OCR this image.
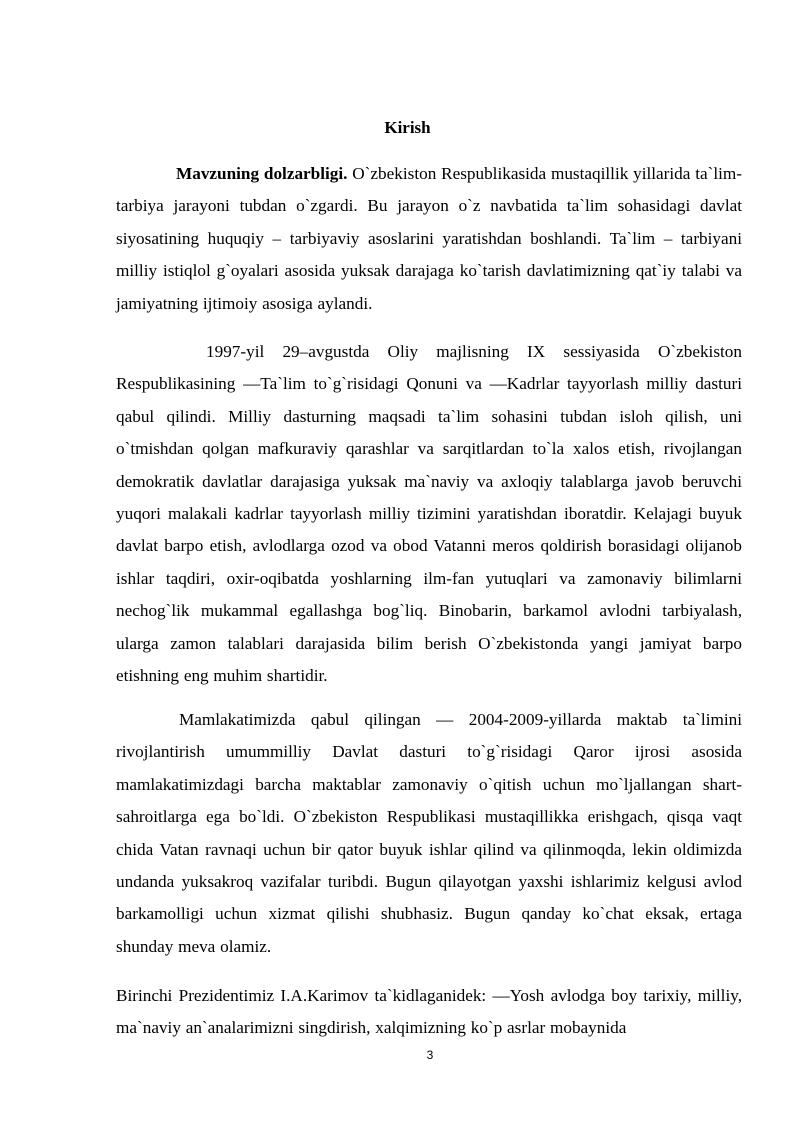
Kirish

Mavzuning dolzarbligi. O`zbekiston Respublikasida mustaqillik yillarida ta`lim-tarbiya jarayoni tubdan o`zgardi. Bu jarayon o`z navbatida ta`lim sohasidagi davlat siyosatining huquqiy – tarbiyaviy asoslarini yaratishdan boshlandi. Ta`lim – tarbiyani milliy istiqlol g`oyalari asosida yuksak darajaga ko`tarish davlatimizning qat`iy talabi va jamiyatning ijtimoiy asosiga aylandi.

1997-yil 29–avgustda Oliy majlisning IX sessiyasida O`zbekiston Respublikasining —Ta`lim to`g`risidagi Qonuni va —Kadrlar tayyorlash milliy dasturi qabul qilindi. Milliy dasturning maqsadi ta`lim sohasini tubdan isloh qilish, uni o`tmishdan qolgan mafkuraviy qarashlar va sarqitlardan to`la xalos etish, rivojlangan demokratik davlatlar darajasiga yuksak ma`naviy va axloqiy talablarga javob beruvchi yuqori malakali kadrlar tayyorlash milliy tizimini yaratishdan iboratdir. Kelajagi buyuk davlat barpo etish, avlodlarga ozod va obod Vatanni meros qoldirish borasidagi olijanob ishlar taqdiri, oxir-oqibatda yoshlarning ilm-fan yutuqlari va zamonaviy bilimlarni nechog`lik mukammal egallashga bog`liq. Binobarin, barkamol avlodni tarbiyalash, ularga zamon talablari darajasida bilim berish O`zbekistonda yangi jamiyat barpo etishning eng muhim shartidir.

Mamlakatimizda qabul qilingan — 2004-2009-yillarda maktab ta`limini rivojlantirish umummilliy Davlat dasturi to`g`risidagi Qaror ijrosi asosida mamlakatimizdagi barcha maktablar zamonaviy o`qitish uchun mo`ljallangan shart- sahroitlarga ega bo`ldi. O`zbekiston Respublikasi mustaqillikka erishgach, qisqa vaqt chida Vatan ravnaqi uchun bir qator buyuk ishlar qilind va qilinmoqda, lekin oldimizda undanda yuksakroq vazifalar turibdi. Bugun qilayotgan yaxshi ishlarimiz kelgusi avlod barkamolligi uchun xizmat qilishi shubhasiz. Bugun qanday ko`chat eksak, ertaga shunday meva olamiz.

Birinchi Prezidentimiz I.A.Karimov ta`kidlaganidek: —Yosh avlodga boy tarixiy, milliy, ma`naviy an`analarimizni singdirish, xalqimizning ko`p asrlar mobaynida

3
